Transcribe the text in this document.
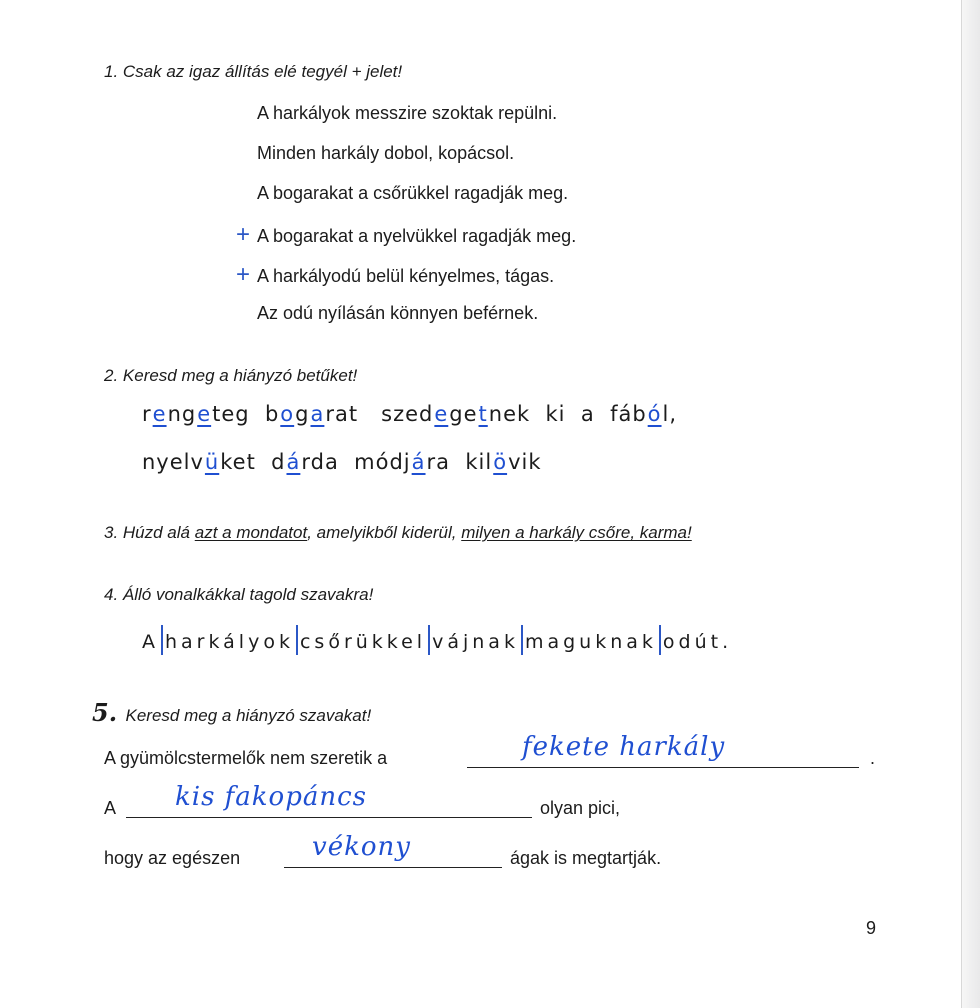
1. Csak az igaz állítás elé tegyél + jelet!
A harkályok messzire szoktak repülni.
Minden harkály dobol, kopácsol.
A bogarakat a csőrükkel ragadják meg.
+ A bogarakat a nyelvükkel ragadják meg.
+ A harkályodú belül kényelmes, tágas.
Az odú nyílásán könnyen beférnek.
2. Keresd meg a hiányzó betűket!
rengeteg  bogarat   szedegetnek  ki  a  fából,
nyelvüket  dárda  módjára  kilövik
3. Húzd alá azt a mondatot, amelyikből kiderül, milyen a harkály csőre, karma!
4. Álló vonalkákkal tagold szavakra!
A harkályok csőrükkel vájnak maguknak odút.
5. Keresd meg a hiányzó szavakat!
A gyümölcstermelők nem szeretik a	fekete harkály	.
A kis fakopáncs	olyan pici,
hogy az egészen	vékony	ágak is megtartják.
9
